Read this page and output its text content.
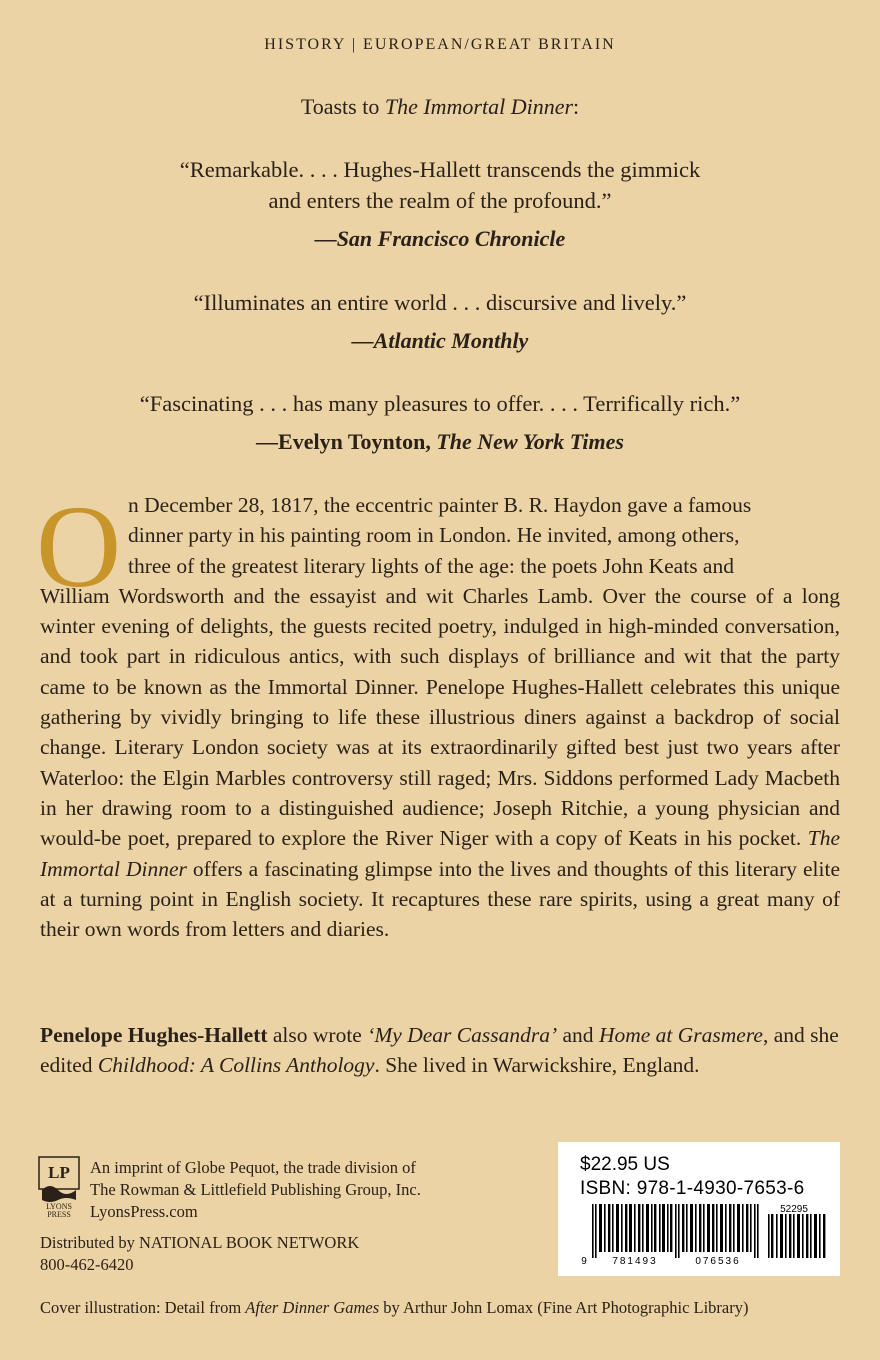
HISTORY | EUROPEAN/GREAT BRITAIN
Toasts to The Immortal Dinner:
“Remarkable. . . . Hughes-Hallett transcends the gimmick
and enters the realm of the profound.”
—San Francisco Chronicle
“Illuminates an entire world . . . discursive and lively.”
—Atlantic Monthly
“Fascinating . . . has many pleasures to offer. . . . Terrifically rich.”
—Evelyn Toynton, The New York Times
O n December 28, 1817, the eccentric painter B. R. Haydon gave a famous
dinner party in his painting room in London. He invited, among others,
three of the greatest literary lights of the age: the poets John Keats and
William Wordsworth and the essayist and wit Charles Lamb. Over the course of a long winter evening of delights, the guests recited poetry, indulged in high-minded conversation, and took part in ridiculous antics, with such displays of brilliance and wit that the party came to be known as the Immortal Dinner. Penelope Hughes-Hallett celebrates this unique gathering by vividly bringing to life these illustrious diners against a backdrop of social change. Literary London society was at its extraordinarily gifted best just two years after Waterloo: the Elgin Marbles controversy still raged; Mrs. Siddons performed Lady Macbeth in her drawing room to a distinguished audience; Joseph Ritchie, a young physician and would-be poet, prepared to explore the River Niger with a copy of Keats in his pocket. The Immortal Dinner offers a fascinating glimpse into the lives and thoughts of this literary elite at a turning point in English society. It recaptures these rare spirits, using a great many of their own words from letters and diaries.
Penelope Hughes-Hallett also wrote ‘My Dear Cassandra’ and Home at Grasmere, and she edited Childhood: A Collins Anthology. She lived in Warwickshire, England.
LP
LYONS
PRESS
An imprint of Globe Pequot, the trade division of
The Rowman & Littlefield Publishing Group, Inc.
LyonsPress.com
Distributed by NATIONAL BOOK NETWORK
800-462-6420
$22.95 US
ISBN: 978-1-4930-7653-6
52295
9	781493	076536
Cover illustration: Detail from After Dinner Games by Arthur John Lomax (Fine Art Photographic Library)
